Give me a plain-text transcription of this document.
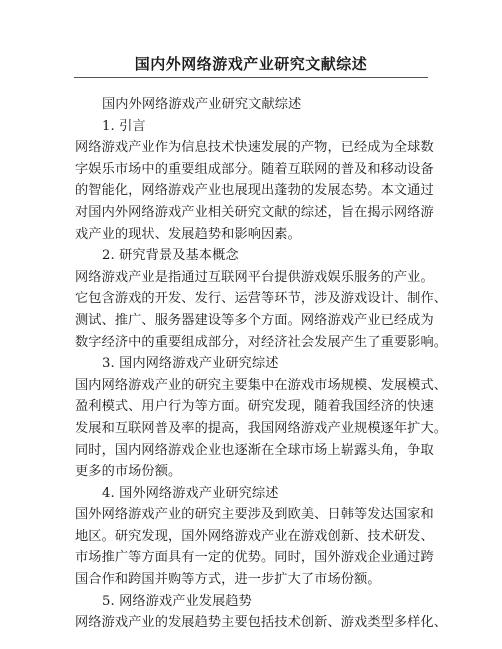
国内外网络游戏产业研究文献综述
国内外网络游戏产业研究文献综述
1. 引言
网络游戏产业作为信息技术快速发展的产物，已经成为全球数
字娱乐市场中的重要组成部分。随着互联网的普及和移动设备
的智能化，网络游戏产业也展现出蓬勃的发展态势。本文通过
对国内外网络游戏产业相关研究文献的综述，旨在揭示网络游
戏产业的现状、发展趋势和影响因素。
2. 研究背景及基本概念
网络游戏产业是指通过互联网平台提供游戏娱乐服务的产业。
它包含游戏的开发、发行、运营等环节，涉及游戏设计、制作、
测试、推广、服务器建设等多个方面。网络游戏产业已经成为
数字经济中的重要组成部分，对经济社会发展产生了重要影响。
3. 国内网络游戏产业研究综述
国内网络游戏产业的研究主要集中在游戏市场规模、发展模式、
盈利模式、用户行为等方面。研究发现，随着我国经济的快速
发展和互联网普及率的提高，我国网络游戏产业规模逐年扩大。
同时，国内网络游戏企业也逐渐在全球市场上崭露头角，争取
更多的市场份额。
4. 国外网络游戏产业研究综述
国外网络游戏产业的研究主要涉及到欧美、日韩等发达国家和
地区。研究发现，国外网络游戏产业在游戏创新、技术研发、
市场推广等方面具有一定的优势。同时，国外游戏企业通过跨
国合作和跨国并购等方式，进一步扩大了市场份额。
5. 网络游戏产业发展趋势
网络游戏产业的发展趋势主要包括技术创新、游戏类型多样化、
